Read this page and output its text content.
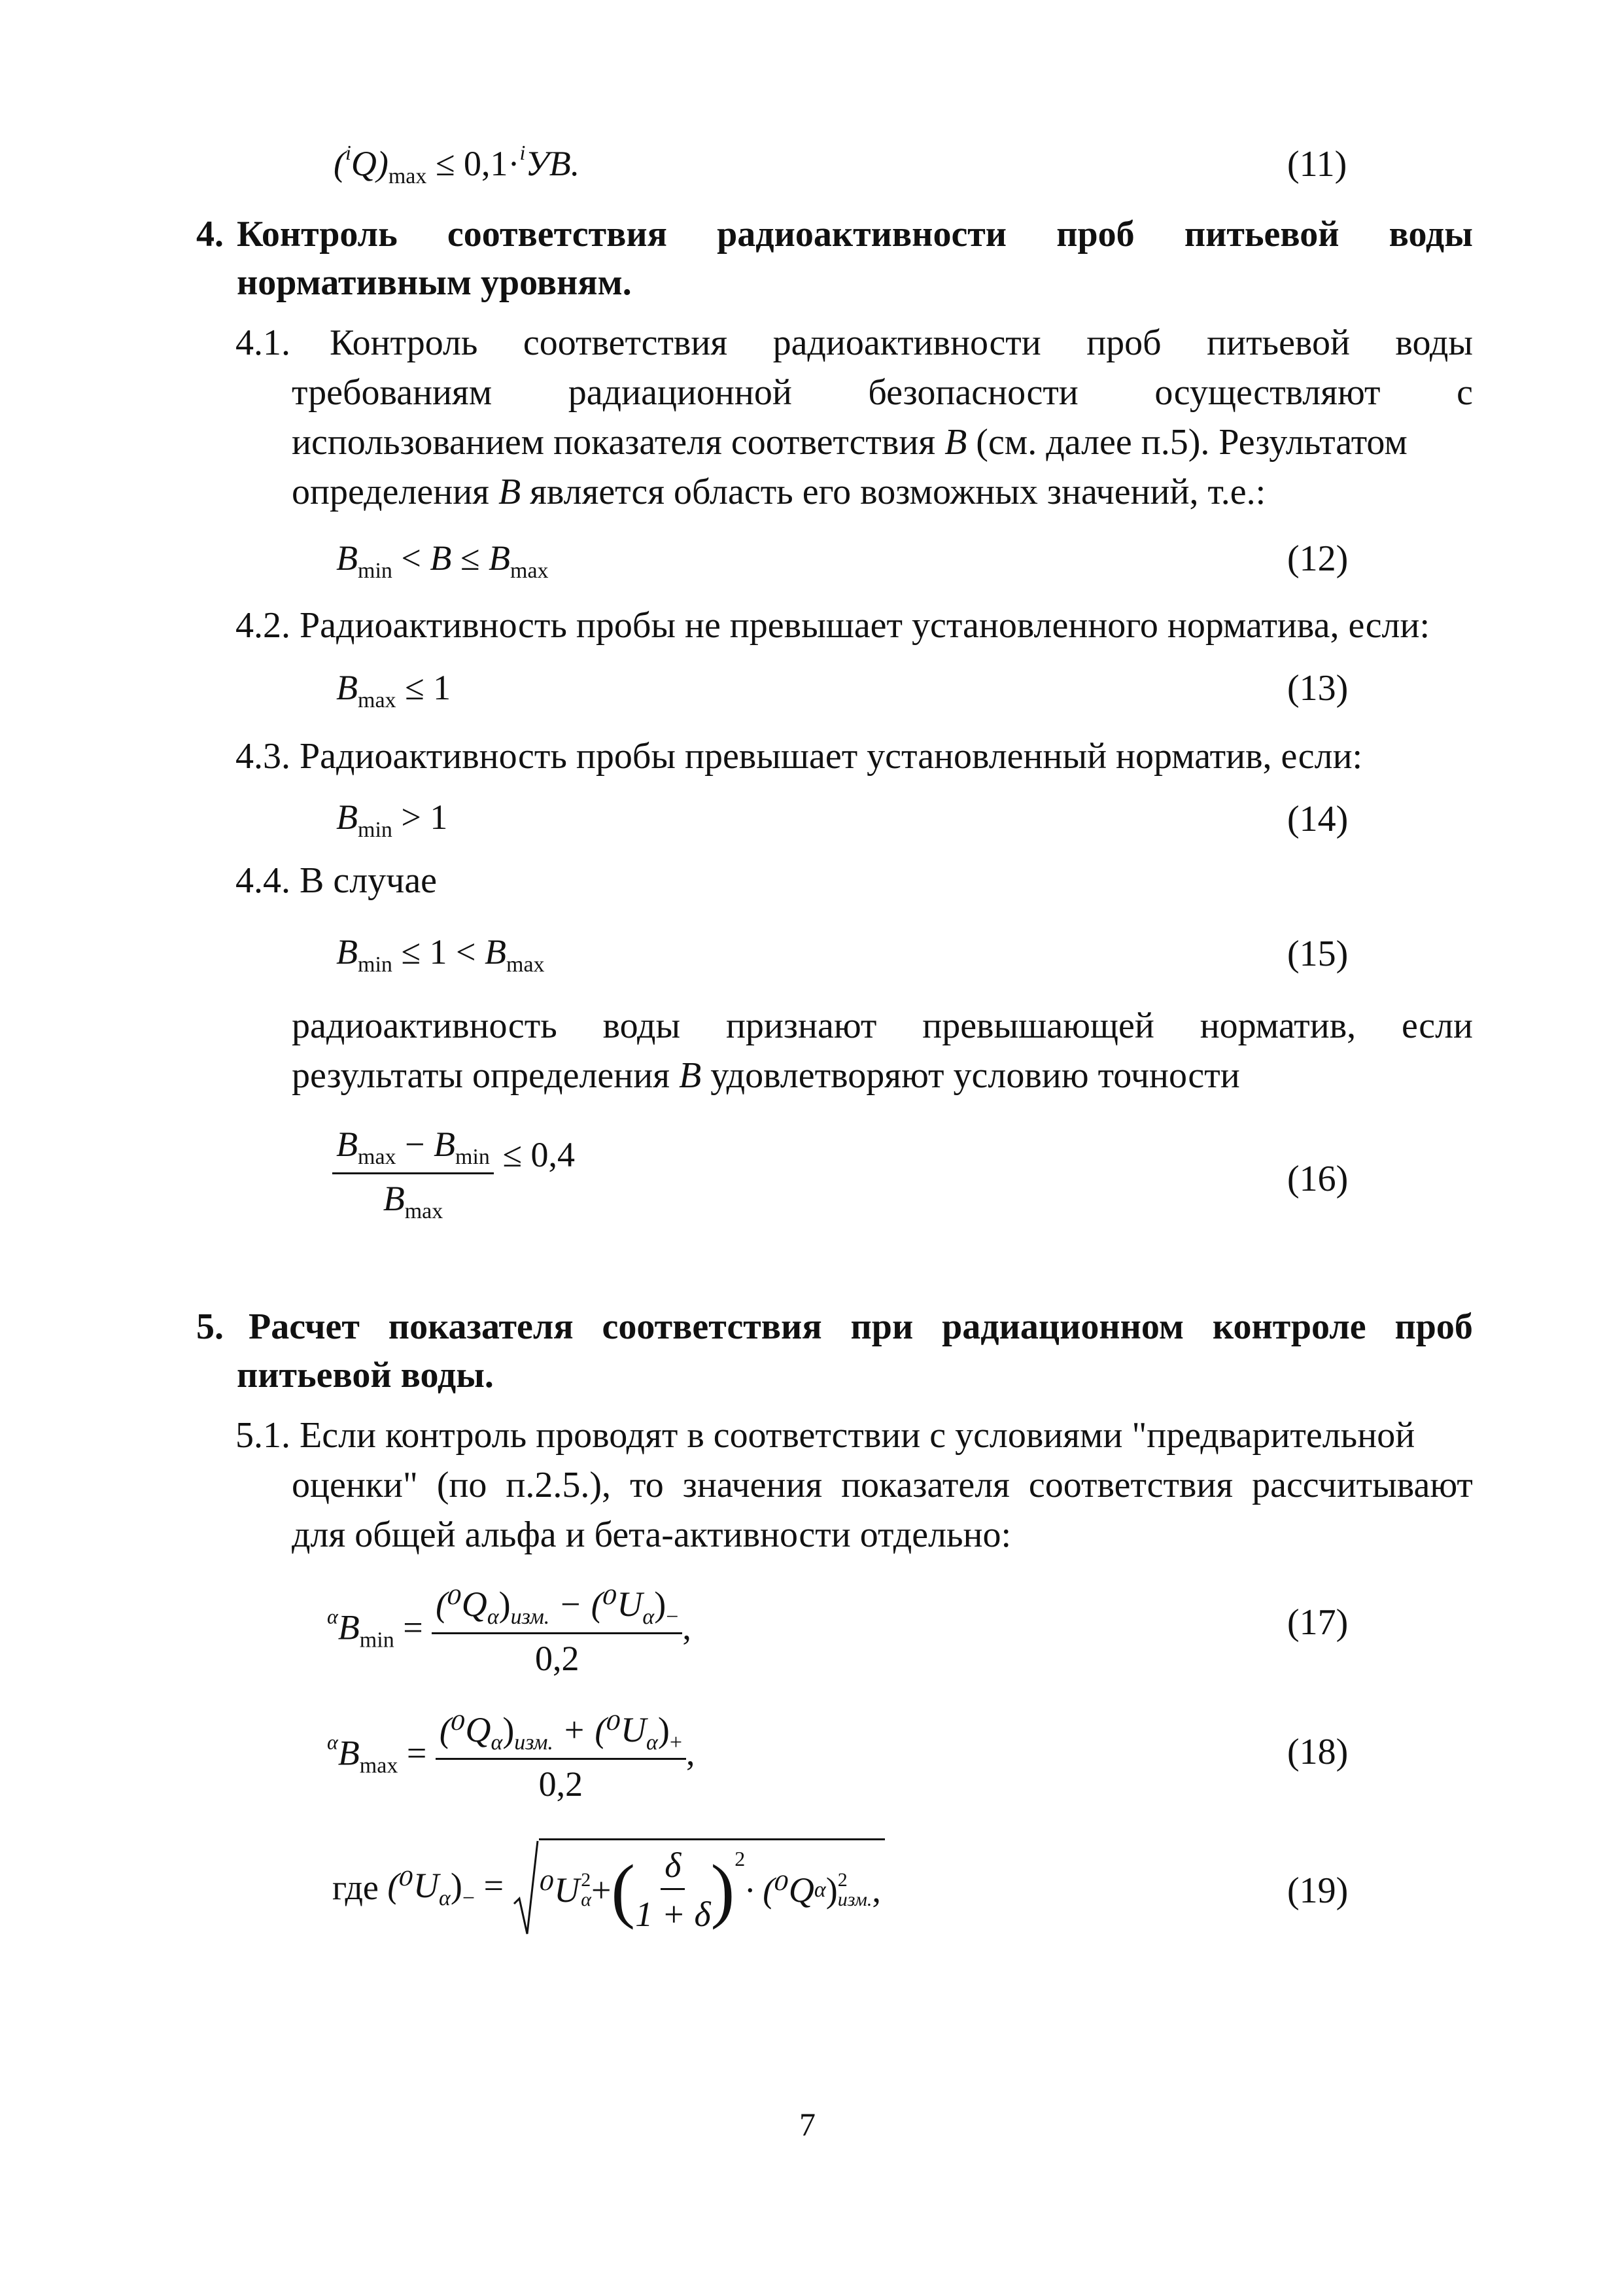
$(^iQ)_{max} \le 0,1\cdot^iУВ$.	(11)
4. Контроль соответствия радиоактивности проб питьевой воды
нормативным уровням.
4.1. Контроль соответствия радиоактивности проб питьевой воды
требованиям радиационной безопасности осуществляют с
использованием показателя соответствия B (см. далее п.5). Результатом
определения B является область его возможных значений, т.е.:
$B_{min} < B \le B_{max}$	(12)
4.2. Радиоактивность пробы не превышает установленного норматива, если:
$B_{max} \le 1$	(13)
4.3. Радиоактивность пробы превышает установленный норматив, если:
$B_{min} > 1$	(14)
4.4. В случае
$B_{min} \le 1 < B_{max}$	(15)
радиоактивность воды признают превышающей норматив, если
результаты определения B удовлетворяют условию точности
$\frac{B_{max} - B_{min}}{B_{max}} \le 0,4$
(16)
5. Расчет показателя соответствия при радиационном контроле проб
питьевой воды.
5.1. Если контроль проводят в соответствии с условиями "предварительной
оценки" (по п.2.5.), то значения показателя соответствия рассчитывают
для общей альфа и бета-активности отдельно:
$^\alpha B_{min} = \frac{(^0Q_\alpha)_{изм.} - (^0U_\alpha)_-}{0,2}$ ,	(17)
$^\alpha B_{max} = \frac{(^0Q_\alpha)_{изм.} + (^0U_\alpha)_+}{0,2}$ ,	(18)
где $(^0U_\alpha)_- = ^0U$ 2
α + ( $\frac{\delta}{1 + \delta}$ ) 2
· (⁰Q α ) 2
изм. ,	(19)
7
